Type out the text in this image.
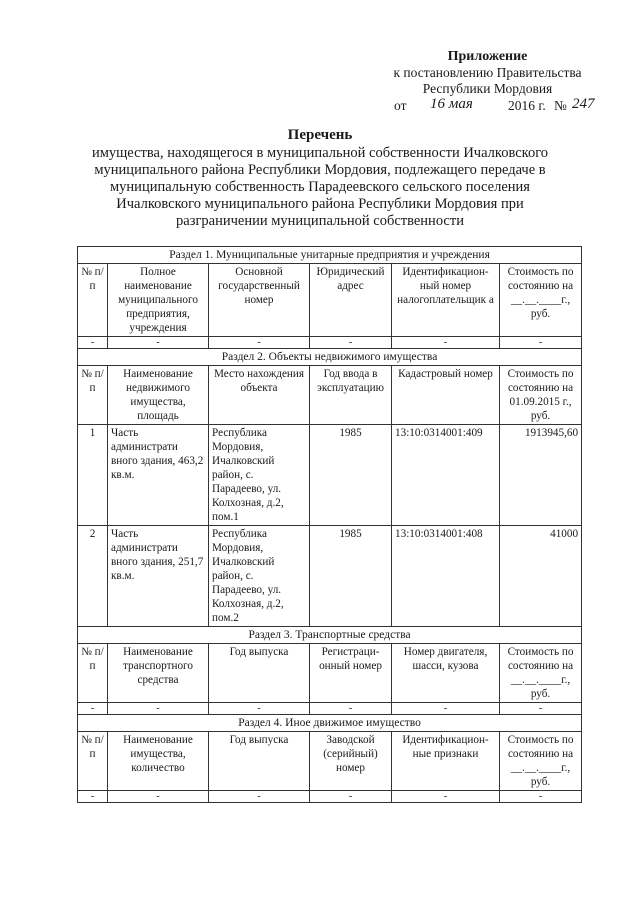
Приложение
к постановлению Правительства
Республики Мордовия
от 16 мая	2016 г. № 247
Перечень
имущества, находящегося в муниципальной собственности Ичалковского
муниципального района Республики Мордовия, подлежащего передаче в
муниципальную собственность Парадеевского сельского поселения
Ичалковского муниципального района Республики Мордовия при
разграничении муниципальной собственности
Раздел 1. Муниципальные унитарные предприятия и учреждения					
№ п/п	Полное наименование муниципального предприятия, учреждения	Основной государственный номер	Юридический адрес	Идентификацион-ный номер налогоплательщик а	Стоимость по состоянию на __.__.____г., руб.
-	-	-	-	-	-
Раздел 2. Объекты недвижимого имущества					
№ п/п	Наименование недвижимого имущества, площадь	Место нахождения объекта	Год ввода в эксплуатацию	Кадастровый номер	Стоимость по состоянию на 01.09.2015 г., руб.
1	Часть администрати вного здания, 463,2 кв.м.	Республика Мордовия, Ичалковский район, с. Парадеево, ул. Колхозная, д.2, пом.1	1985	13:10:0314001:409	1913945,60
2	Часть администрати вного здания, 251,7 кв.м.	Республика Мордовия, Ичалковский район, с. Парадеево, ул. Колхозная, д.2, пом.2	1985	13:10:0314001:408	41000
Раздел 3. Транспортные средства					
№ п/п	Наименование транспортного средства	Год выпуска	Регистраци-онный номер	Номер двигателя, шасси, кузова	Стоимость по состоянию на __.__.____г., руб.
-	-	-	-	-	-
Раздел 4. Иное движимое имущество					
№ п/п	Наименование имущества, количество	Год выпуска	Заводской (серийный) номер	Идентификацион-ные признаки	Стоимость по состоянию на __.__.____г., руб.
-	-	-	-	-	-
